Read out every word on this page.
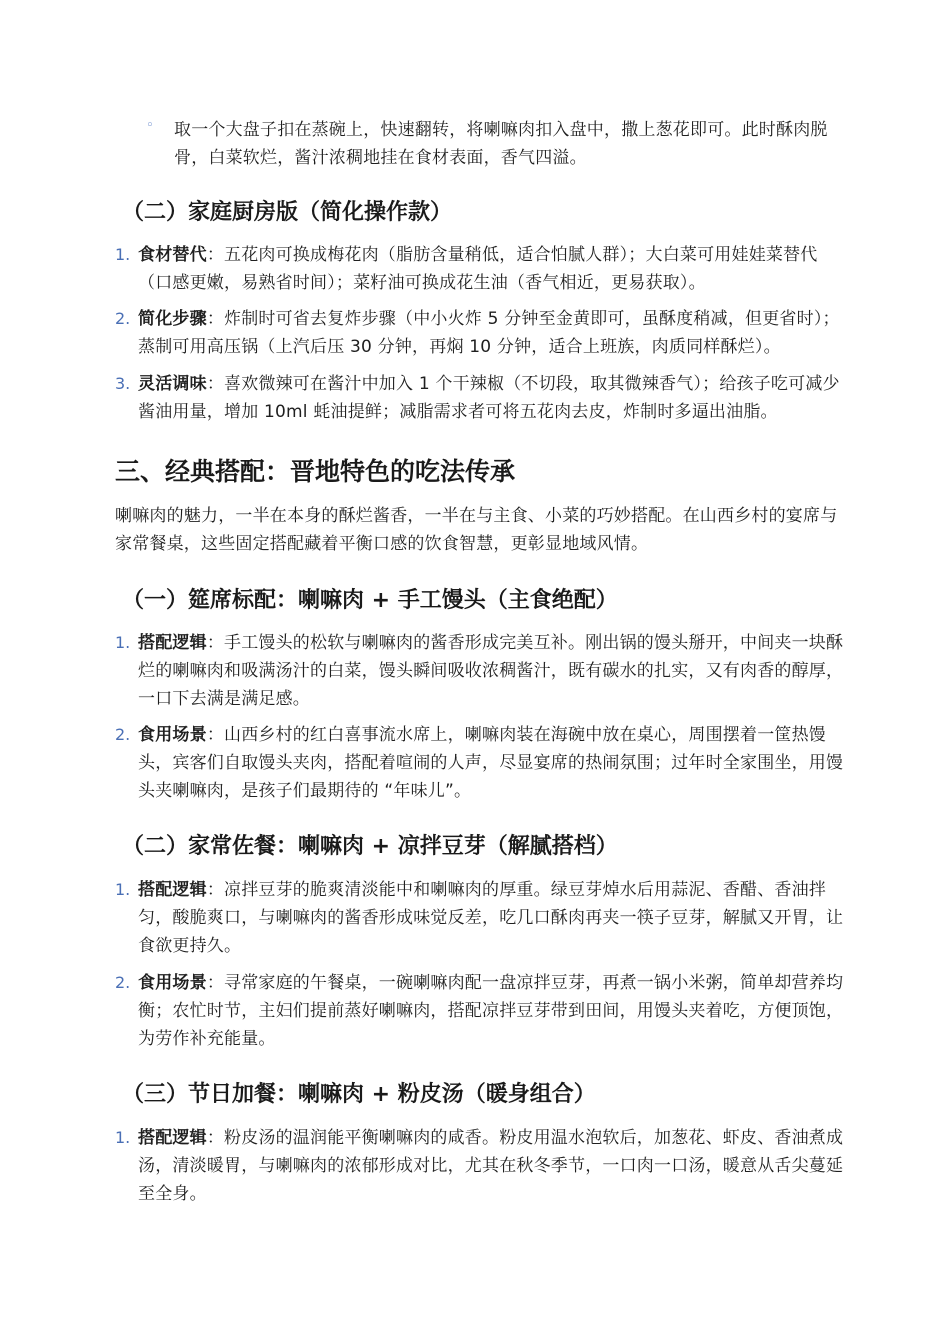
◦ 取一个大盘子扣在蒸碗上，快速翻转，将喇嘛肉扣入盘中，撒上葱花即可。此时酥肉脱骨，白菜软烂，酱汁浓稠地挂在食材表面，香气四溢。
（二）家庭厨房版（简化操作款）
1. 食材替代：五花肉可换成梅花肉（脂肪含量稍低，适合怕腻人群）；大白菜可用娃娃菜替代（口感更嫩，易熟省时间）；菜籽油可换成花生油（香气相近，更易获取）。
2. 简化步骤：炸制时可省去复炸步骤（中小火炸 5 分钟至金黄即可，虽酥度稍减，但更省时）；蒸制可用高压锅（上汽后压 30 分钟，再焖 10 分钟，适合上班族，肉质同样酥烂）。
3. 灵活调味：喜欢微辣可在酱汁中加入 1 个干辣椒（不切段，取其微辣香气）；给孩子吃可减少酱油用量，增加 10ml 蚝油提鲜；减脂需求者可将五花肉去皮，炸制时多逼出油脂。
三、经典搭配：晋地特色的吃法传承
喇嘛肉的魅力，一半在本身的酥烂酱香，一半在与主食、小菜的巧妙搭配。在山西乡村的宴席与家常餐桌，这些固定搭配藏着平衡口感的饮食智慧，更彰显地域风情。
（一）筵席标配：喇嘛肉 + 手工馒头（主食绝配）
1. 搭配逻辑：手工馒头的松软与喇嘛肉的酱香形成完美互补。刚出锅的馒头掰开，中间夹一块酥烂的喇嘛肉和吸满汤汁的白菜，馒头瞬间吸收浓稠酱汁，既有碳水的扎实，又有肉香的醇厚，一口下去满是满足感。
2. 食用场景：山西乡村的红白喜事流水席上，喇嘛肉装在海碗中放在桌心，周围摆着一筐热馒头，宾客们自取馒头夹肉，搭配着喧闹的人声，尽显宴席的热闹氛围；过年时全家围坐，用馒头夹喇嘛肉，是孩子们最期待的 “年味儿”。
（二）家常佐餐：喇嘛肉 + 凉拌豆芽（解腻搭档）
1. 搭配逻辑：凉拌豆芽的脆爽清淡能中和喇嘛肉的厚重。绿豆芽焯水后用蒜泥、香醋、香油拌匀，酸脆爽口，与喇嘛肉的酱香形成味觉反差，吃几口酥肉再夹一筷子豆芽，解腻又开胃，让食欲更持久。
2. 食用场景：寻常家庭的午餐桌，一碗喇嘛肉配一盘凉拌豆芽，再煮一锅小米粥，简单却营养均衡；农忙时节，主妇们提前蒸好喇嘛肉，搭配凉拌豆芽带到田间，用馒头夹着吃，方便顶饱，为劳作补充能量。
（三）节日加餐：喇嘛肉 + 粉皮汤（暖身组合）
1. 搭配逻辑：粉皮汤的温润能平衡喇嘛肉的咸香。粉皮用温水泡软后，加葱花、虾皮、香油煮成汤，清淡暖胃，与喇嘛肉的浓郁形成对比，尤其在秋冬季节，一口肉一口汤，暖意从舌尖蔓延至全身。
